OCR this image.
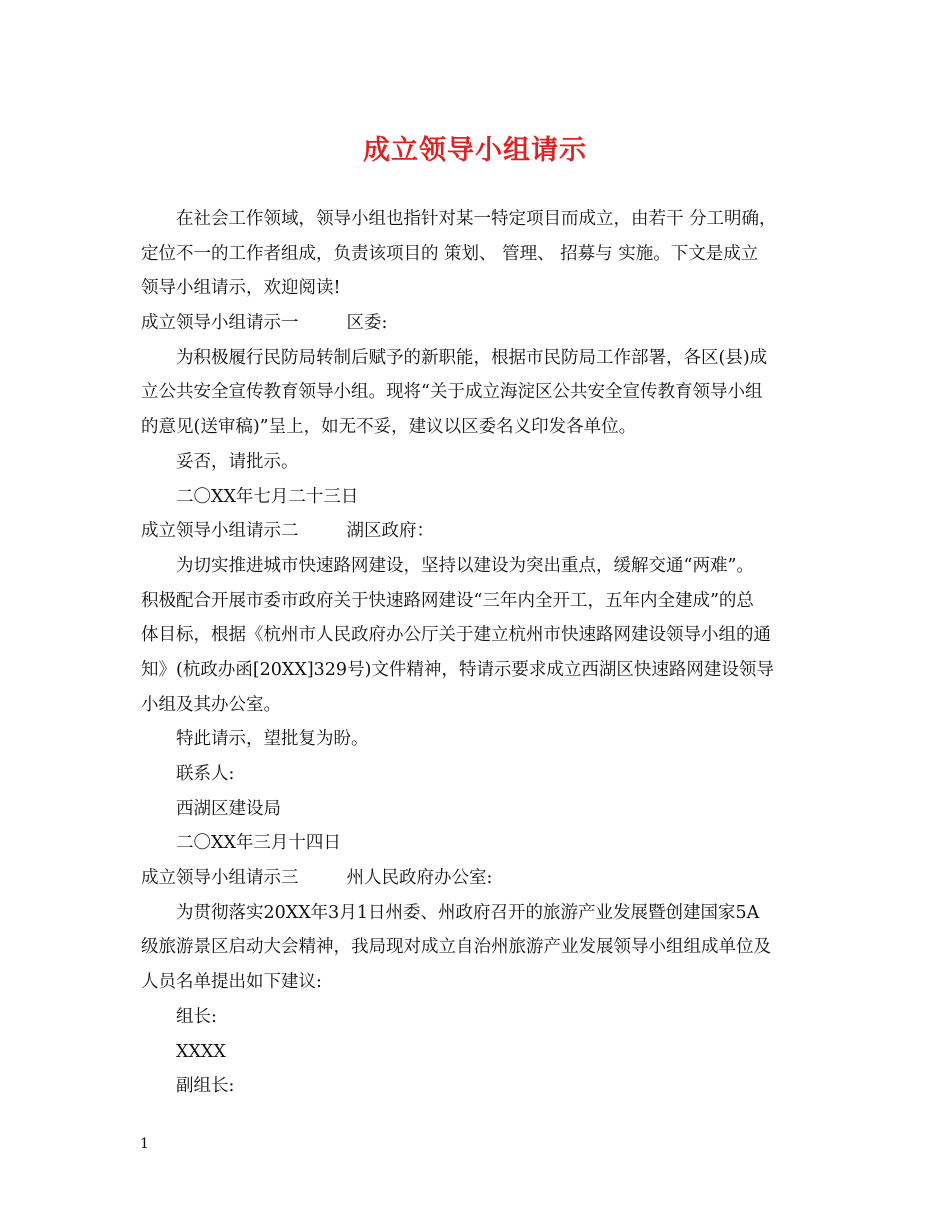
成立领导小组请示
在社会工作领域，领导小组也指针对某一特定项目而成立，由若干 分工明确，
定位不一的工作者组成，负责该项目的 策划、 管理、 招募与 实施。下文是成立
领导小组请示，欢迎阅读!
成立领导小组请示一	区委:
为积极履行民防局转制后赋予的新职能，根据市民防局工作部署，各区(县)成
立公共安全宣传教育领导小组。现将“关于成立海淀区公共安全宣传教育领导小组
的意见(送审稿)”呈上，如无不妥，建议以区委名义印发各单位。
妥否，请批示。
二〇XX年七月二十三日
成立领导小组请示二	湖区政府：
为切实推进城市快速路网建设，坚持以建设为突出重点，缓解交通“两难”。
积极配合开展市委市政府关于快速路网建设“三年内全开工，五年内全建成”的总
体目标，根据《杭州市人民政府办公厅关于建立杭州市快速路网建设领导小组的通
知》(杭政办函[20XX]329号)文件精神，特请示要求成立西湖区快速路网建设领导
小组及其办公室。
特此请示，望批复为盼。
联系人:
西湖区建设局
二〇XX年三月十四日
成立领导小组请示三	州人民政府办公室:
为贯彻落实20XX年3月1日州委、州政府召开的旅游产业发展暨创建国家5A
级旅游景区启动大会精神，我局现对成立自治州旅游产业发展领导小组组成单位及
人员名单提出如下建议:
组长:
XXXX
副组长:
1
